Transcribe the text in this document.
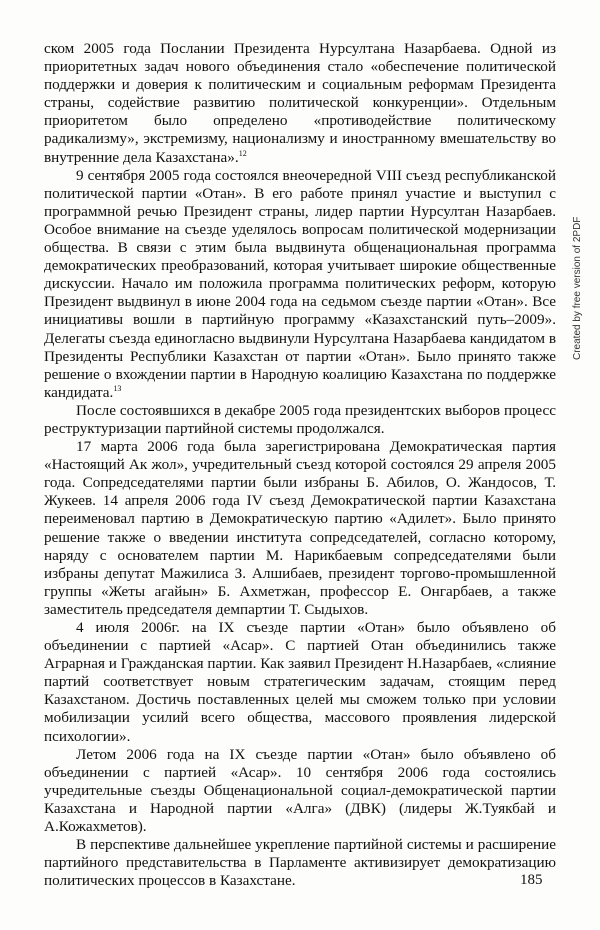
ском 2005 года Послании Президента Нурсултана Назарбаева. Одной из приоритетных задач нового объединения стало «обеспечение политической поддержки и доверия к политическим и социальным реформам Президента страны, содействие развитию политической конкуренции». Отдельным приоритетом было определено «противодействие политическому радикализму», экстремизму, национализму и иностранному вмешательству во внутренние дела Казахстана».$^{12}$

9 сентября 2005 года состоялся внеочередной VIII съезд республиканской политической партии «Отан». В его работе принял участие и выступил с программной речью Президент страны, лидер партии Нурсултан Назарбаев. Особое внимание на съезде уделялось вопросам политической модернизации общества. В связи с этим была выдвинута общенациональная программа демократических преобразований, которая учитывает широкие общественные дискуссии. Начало им положила программа политических реформ, которую Президент выдвинул в июне 2004 года на седьмом съезде партии «Отан». Все инициативы вошли в партийную программу «Казахстанский путь–2009». Делегаты съезда единогласно выдвинули Нурсултана Назарбаева кандидатом в Президенты Республики Казахстан от партии «Отан». Было принято также решение о вхождении партии в Народную коалицию Казахстана по поддержке кандидата.$^{13}$

После состоявшихся в декабре 2005 года президентских выборов процесс реструктуризации партийной системы продолжался.

17 марта 2006 года была зарегистрирована Демократическая партия «Настоящий Ак жол», учредительный съезд которой состоялся 29 апреля 2005 года. Сопредседателями партии были избраны Б. Абилов, О. Жандосов, Т. Жукеев. 14 апреля 2006 года IV съезд Демократической партии Казахстана переименовал партию в Демократическую партию «Адилет». Было принято решение также о введении института сопредседателей, согласно которому, наряду с основателем партии М. Нарикбаевым сопредседателями были избраны депутат Мажилиса З. Алшибаев, президент торгово-промышленной группы «Жеты агайын» Б. Ахметжан, профессор Е. Онгарбаев, а также заместитель председателя демпартии Т. Сыдыхов.

4 июля 2006г. на IX съезде партии «Отан» было объявлено об объединении с партией «Асар». С партией Отан объединились также Аграрная и Гражданская партии. Как заявил Президент Н.Назарбаев, «слияние партий соответствует новым стратегическим задачам, стоящим перед Казахстаном. Достичь поставленных целей мы сможем только при условии мобилизации усилий всего общества, массового проявления лидерской психологии».

Летом 2006 года на IX съезде партии «Отан» было объявлено об объединении с партией «Асар». 10 сентября 2006 года состоялись учредительные съезды Общенациональной социал-демократической партии Казахстана и Народной партии «Алга» (ДВК) (лидеры Ж.Туякбай и А.Кожахметов).

В перспективе дальнейшее укрепление партийной системы и расширение партийного представительства в Парламенте активизирует демократизацию политических процессов в Казахстане.	185
Created by free version of 2PDF
